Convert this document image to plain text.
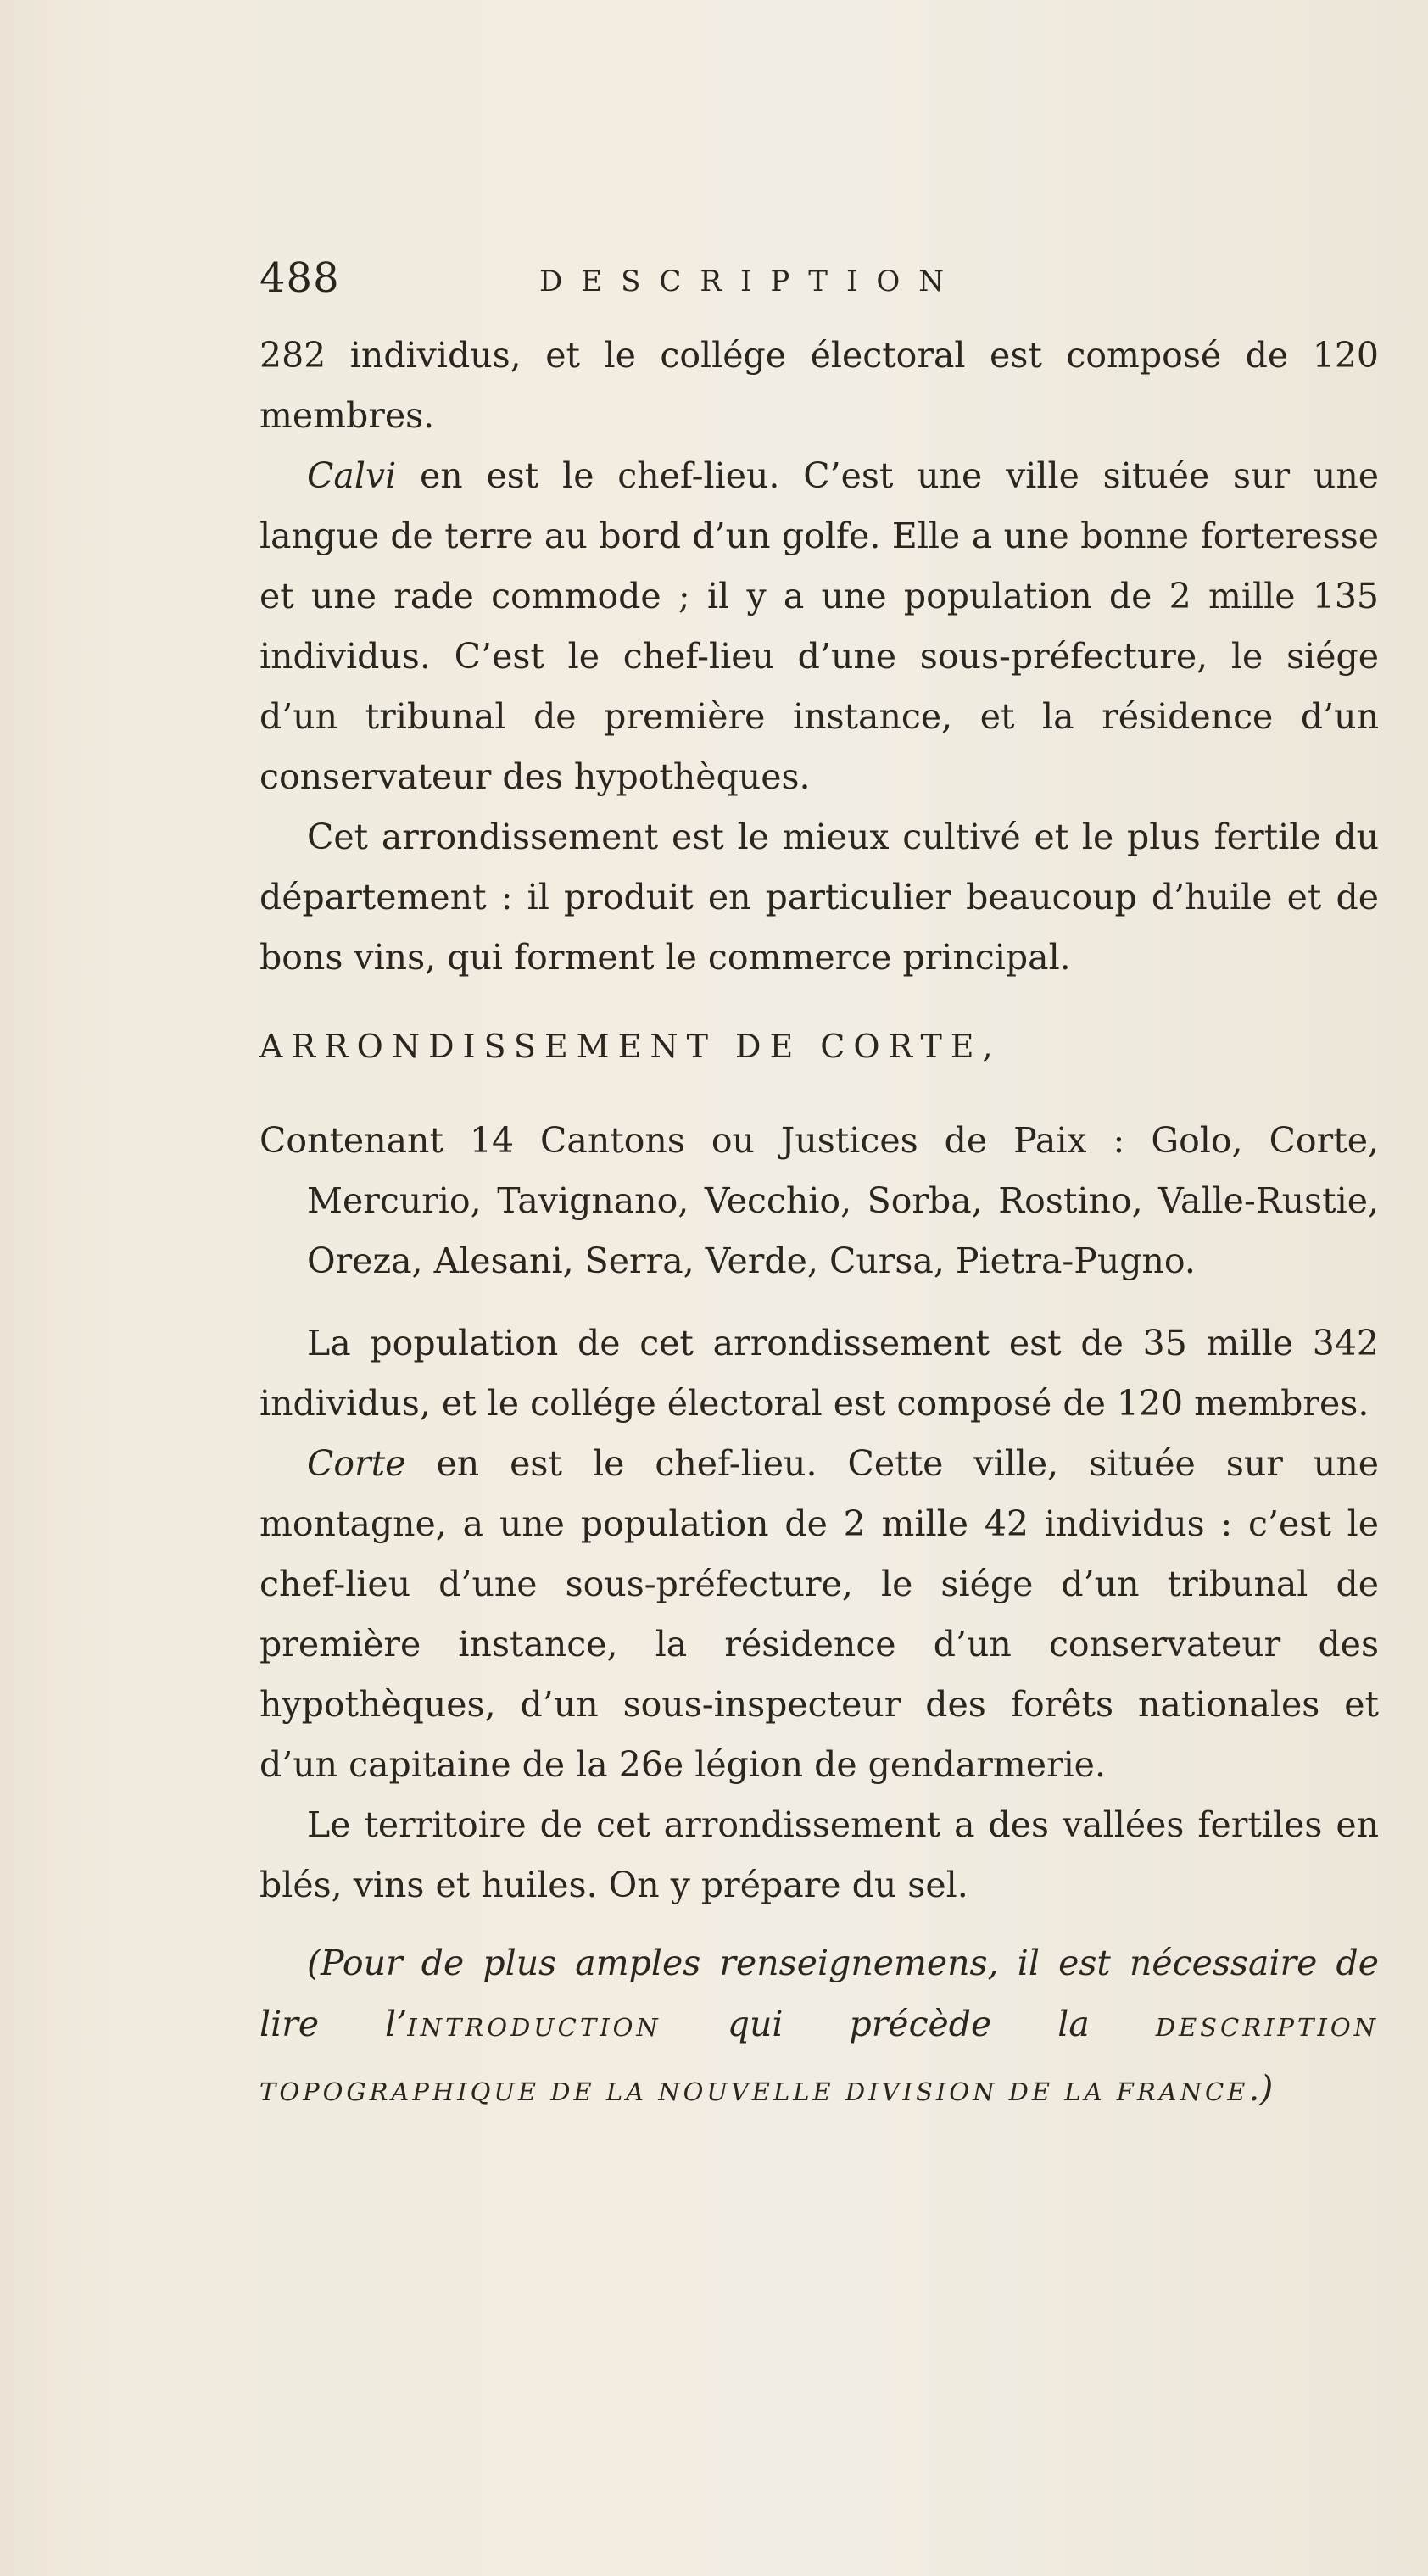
488	DESCRIPTION

282 individus, et le collége électoral est composé de 120 membres.

Calvi en est le chef-lieu. C’est une ville située sur une langue de terre au bord d’un golfe. Elle a une bonne forteresse et une rade commode ; il y a une population de 2 mille 135 individus. C’est le chef-lieu d’une sous-préfecture, le siége d’un tribunal de première instance, et la résidence d’un conservateur des hypothèques.

Cet arrondissement est le mieux cultivé et le plus fertile du département : il produit en particulier beaucoup d’huile et de bons vins, qui forment le commerce principal.

ARRONDISSEMENT DE CORTE,

Contenant 14 Cantons ou Justices de Paix : Golo, Corte, Mercurio, Tavignano, Vecchio, Sorba, Rostino, Valle-Rustie, Oreza, Alesani, Serra, Verde, Cursa, Pietra-Pugno.

La population de cet arrondissement est de 35 mille 342 individus, et le collége électoral est composé de 120 membres.

Corte en est le chef-lieu. Cette ville, située sur une montagne, a une population de 2 mille 42 individus : c’est le chef-lieu d’une sous-préfecture, le siége d’un tribunal de première instance, la résidence d’un conservateur des hypothèques, d’un sous-inspecteur des forêts nationales et d’un capitaine de la 26e légion de gendarmerie.

Le territoire de cet arrondissement a des vallées fertiles en blés, vins et huiles. On y prépare du sel.

(Pour de plus amples renseignemens, il est nécessaire de lire l’INTRODUCTION qui précède la DESCRIPTION TOPOGRAPHIQUE DE LA NOUVELLE DIVISION DE LA FRANCE.)
